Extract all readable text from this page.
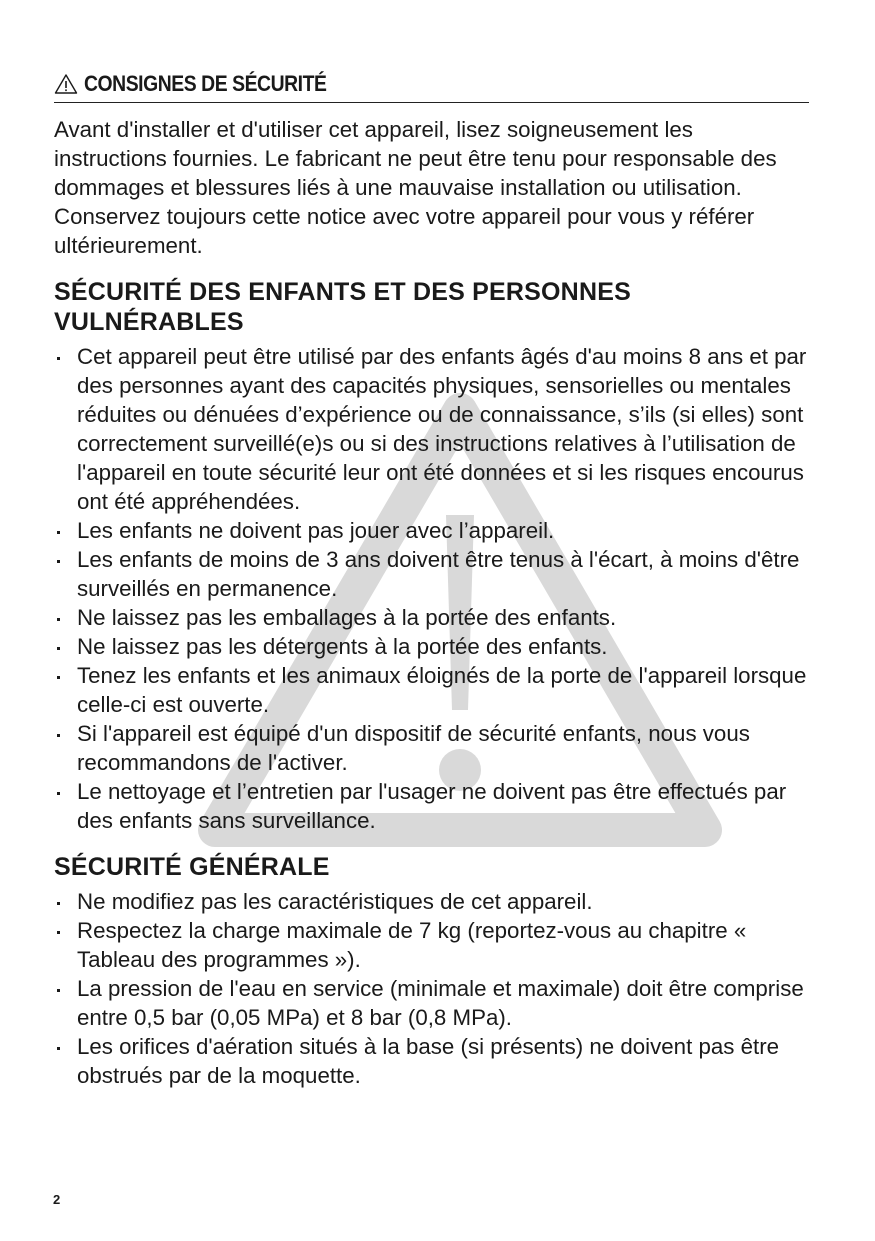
CONSIGNES DE SÉCURITÉ

Avant d'installer et d'utiliser cet appareil, lisez soigneusement les instructions fournies. Le fabricant ne peut être tenu pour responsable des dommages et blessures liés à une mauvaise installation ou utilisation. Conservez toujours cette notice avec votre appareil pour vous y référer ultérieurement.

SÉCURITÉ DES ENFANTS ET DES PERSONNES VULNÉRABLES
Cet appareil peut être utilisé par des enfants âgés d'au moins 8 ans et par des personnes ayant des capacités physiques, sensorielles ou mentales réduites ou dénuées d’expérience ou de connaissance, s’ils (si elles) sont correctement surveillé(e)s ou si des instructions relatives à l’utilisation de l'appareil en toute sécurité leur ont été données et si les risques encourus ont été appréhendées.
Les enfants ne doivent pas jouer avec l’appareil.
Les enfants de moins de 3 ans doivent être tenus à l'écart, à moins d'être surveillés en permanence.
Ne laissez pas les emballages à la portée des enfants.
Ne laissez pas les détergents à la portée des enfants.
Tenez les enfants et les animaux éloignés de la porte de l'appareil lorsque celle-ci est ouverte.
Si l'appareil est équipé d'un dispositif de sécurité enfants, nous vous recommandons de l'activer.
Le nettoyage et l’entretien par l'usager ne doivent pas être effectués par des enfants sans surveillance.
SÉCURITÉ GÉNÉRALE
Ne modifiez pas les caractéristiques de cet appareil.
Respectez la charge maximale de 7 kg (reportez-vous au chapitre « Tableau des programmes »).
La pression de l'eau en service (minimale et maximale) doit être comprise entre 0,5 bar (0,05 MPa) et 8 bar (0,8 MPa).
Les orifices d'aération situés à la base (si présents) ne doivent pas être obstrués par de la moquette.
2
